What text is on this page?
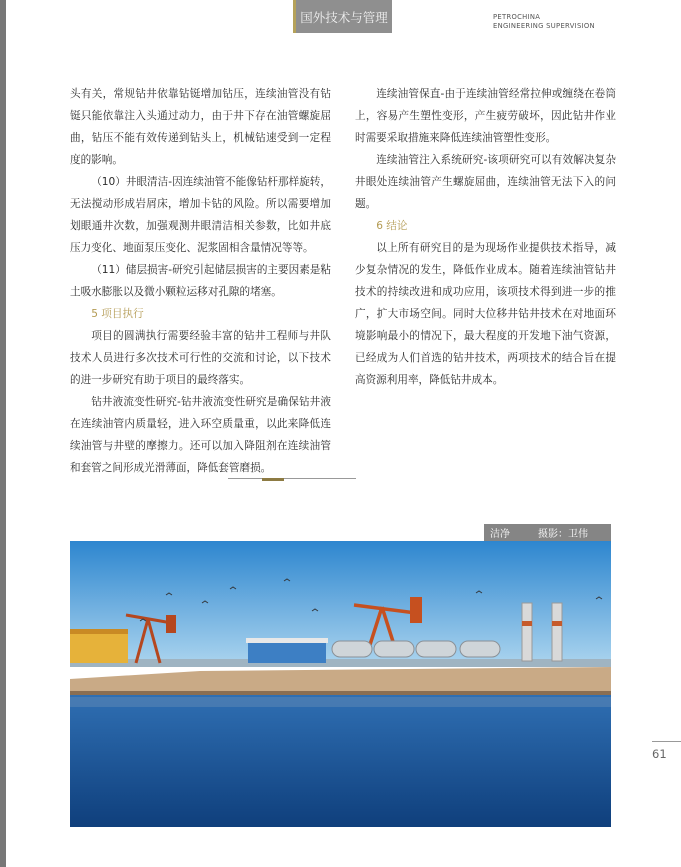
国外技术与管理	PETROCHINA
ENGINEERING SUPERVISION

头有关，常规钻井依靠钻铤增加钻压，连续油管没有钻铤只能依靠注入头通过动力，由于井下存在油管螺旋屈曲，钻压不能有效传递到钻头上，机械钻速受到一定程度的影响。

（10）井眼清洁-因连续油管不能像钻杆那样旋转，无法搅动形成岩屑床，增加卡钻的风险。所以需要增加划眼通井次数，加强观测井眼清洁相关参数，比如井底压力变化、地面泵压变化、泥浆固相含量情况等等。

（11）储层损害-研究引起储层损害的主要因素是粘土吸水膨胀以及微小颗粒运移对孔隙的堵塞。

5 项目执行

项目的圆满执行需要经验丰富的钻井工程师与井队技术人员进行多次技术可行性的交流和讨论，以下技术的进一步研究有助于项目的最终落实。

钻井液流变性研究-钻井液流变性研究是确保钻井液在连续油管内质量轻，进入环空质量重，以此来降低连续油管与井壁的摩擦力。还可以加入降阻剂在连续油管和套管之间形成光滑薄面，降低套管磨损。

连续油管保直-由于连续油管经常拉伸或缠绕在卷筒上，容易产生塑性变形，产生疲劳破坏，因此钻井作业时需要采取措施来降低连续油管塑性变形。

连续油管注入系统研究-该项研究可以有效解决复杂井眼处连续油管产生螺旋屈曲，连续油管无法下入的问题。

6 结论

以上所有研究目的是为现场作业提供技术指导，减少复杂情况的发生，降低作业成本。随着连续油管钻井技术的持续改进和成功应用，该项技术得到进一步的推广，扩大市场空间。同时大位移井钻井技术在对地面环境影响最小的情况下，最大程度的开发地下油气资源，已经成为人们首选的钻井技术，两项技术的结合旨在提高资源利用率，降低钻井成本。

洁净	摄影：卫伟
61
